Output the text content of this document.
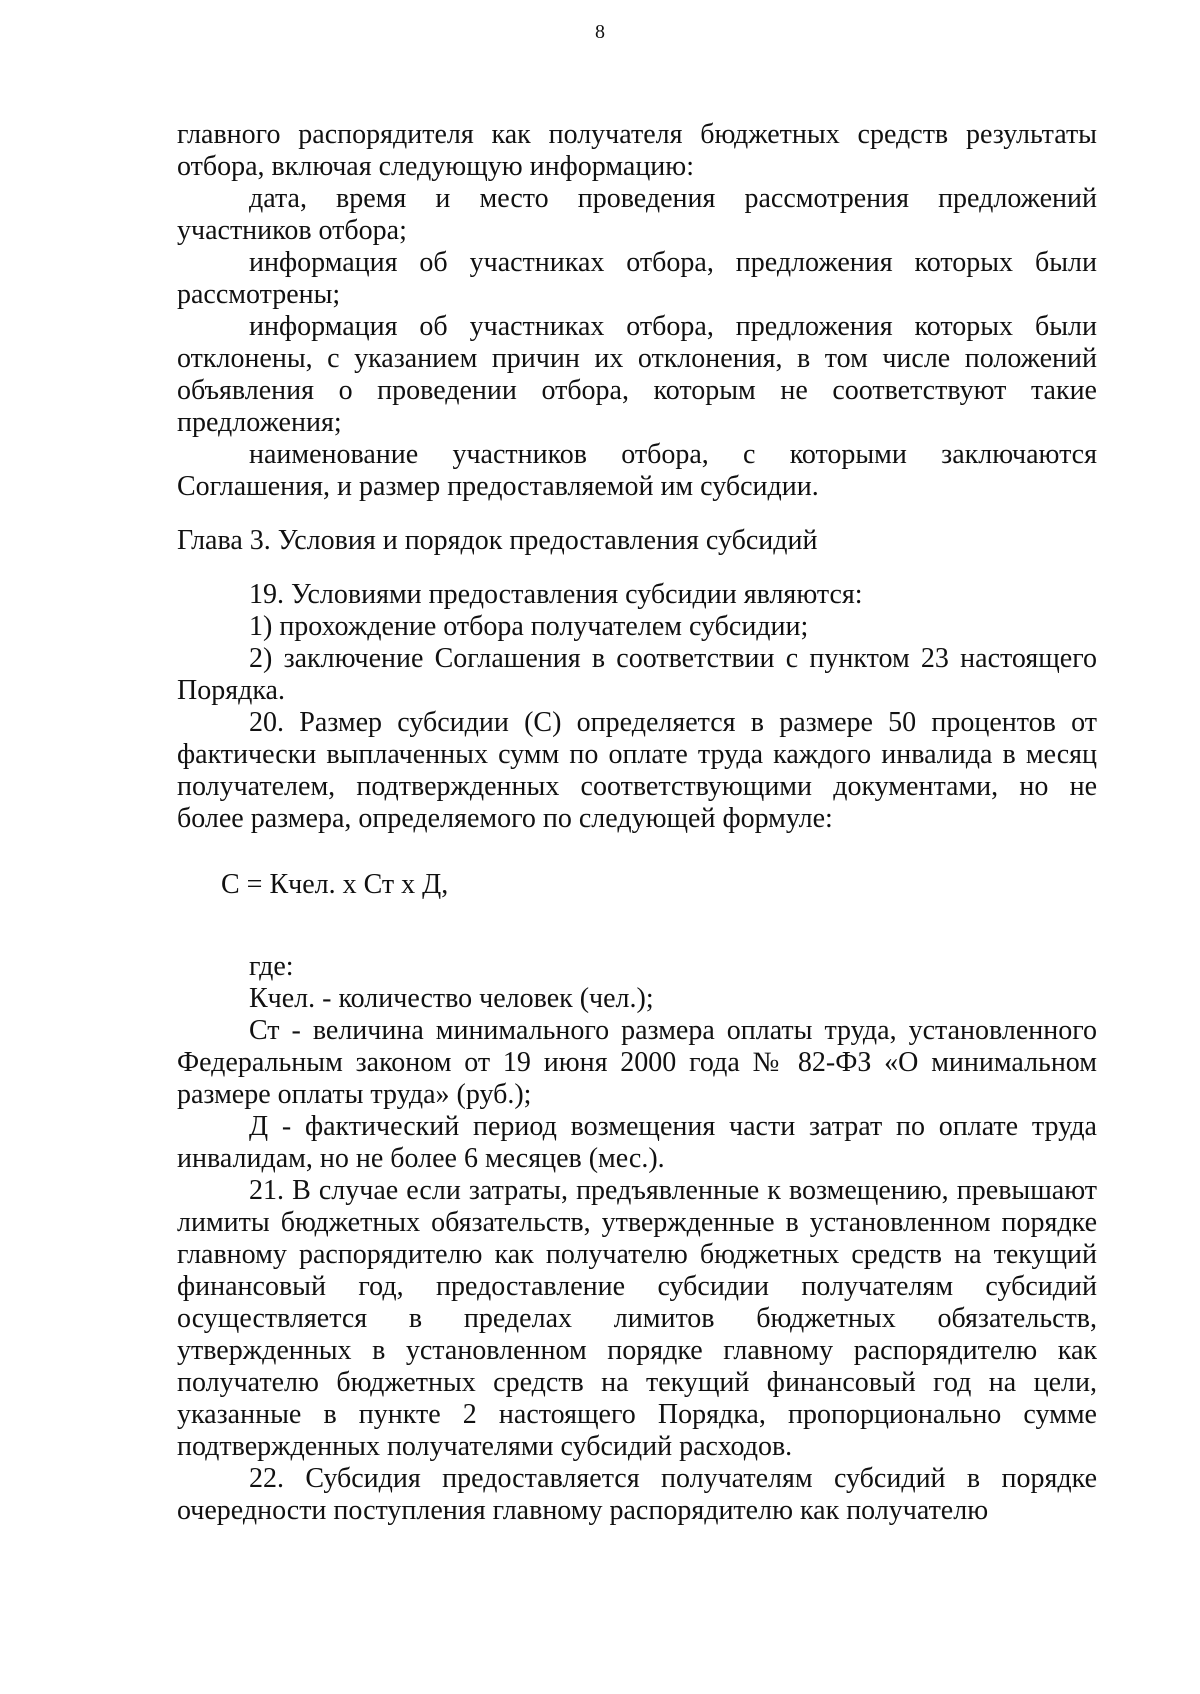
8

главного распорядителя как получателя бюджетных средств результаты отбора, включая следующую информацию:

дата, время и место проведения рассмотрения предложений участников отбора;

информация об участниках отбора, предложения которых были рассмотрены;

информация об участниках отбора, предложения которых были отклонены, с указанием причин их отклонения, в том числе положений объявления о проведении отбора, которым не соответствуют такие предложения;

наименование участников отбора, с которыми заключаются Соглашения, и размер предоставляемой им субсидии.

Глава 3. Условия и порядок предоставления субсидий

19. Условиями предоставления субсидии являются:

1) прохождение отбора получателем субсидии;

2) заключение Соглашения в соответствии с пунктом 23 настоящего Порядка.

20. Размер субсидии (С) определяется в размере 50 процентов от фактически выплаченных сумм по оплате труда каждого инвалида в месяц получателем, подтвержденных соответствующими документами, но не более размера, определяемого по следующей формуле:

С = Кчел. х Ст х Д,

где:

Кчел. - количество человек (чел.);

Ст - величина минимального размера оплаты труда, установленного Федеральным законом от 19 июня 2000 года № 82-ФЗ «О минимальном размере оплаты труда» (руб.);

Д - фактический период возмещения части затрат по оплате труда инвалидам, но не более 6 месяцев (мес.).

21. В случае если затраты, предъявленные к возмещению, превышают лимиты бюджетных обязательств, утвержденные в установленном порядке главному распорядителю как получателю бюджетных средств на текущий финансовый год, предоставление субсидии получателям субсидий осуществляется в пределах лимитов бюджетных обязательств, утвержденных в установленном порядке главному распорядителю как получателю бюджетных средств на текущий финансовый год на цели, указанные в пункте 2 настоящего Порядка, пропорционально сумме подтвержденных получателями субсидий расходов.

22. Субсидия предоставляется получателям субсидий в порядке очередности поступления главному распорядителю как получателю
